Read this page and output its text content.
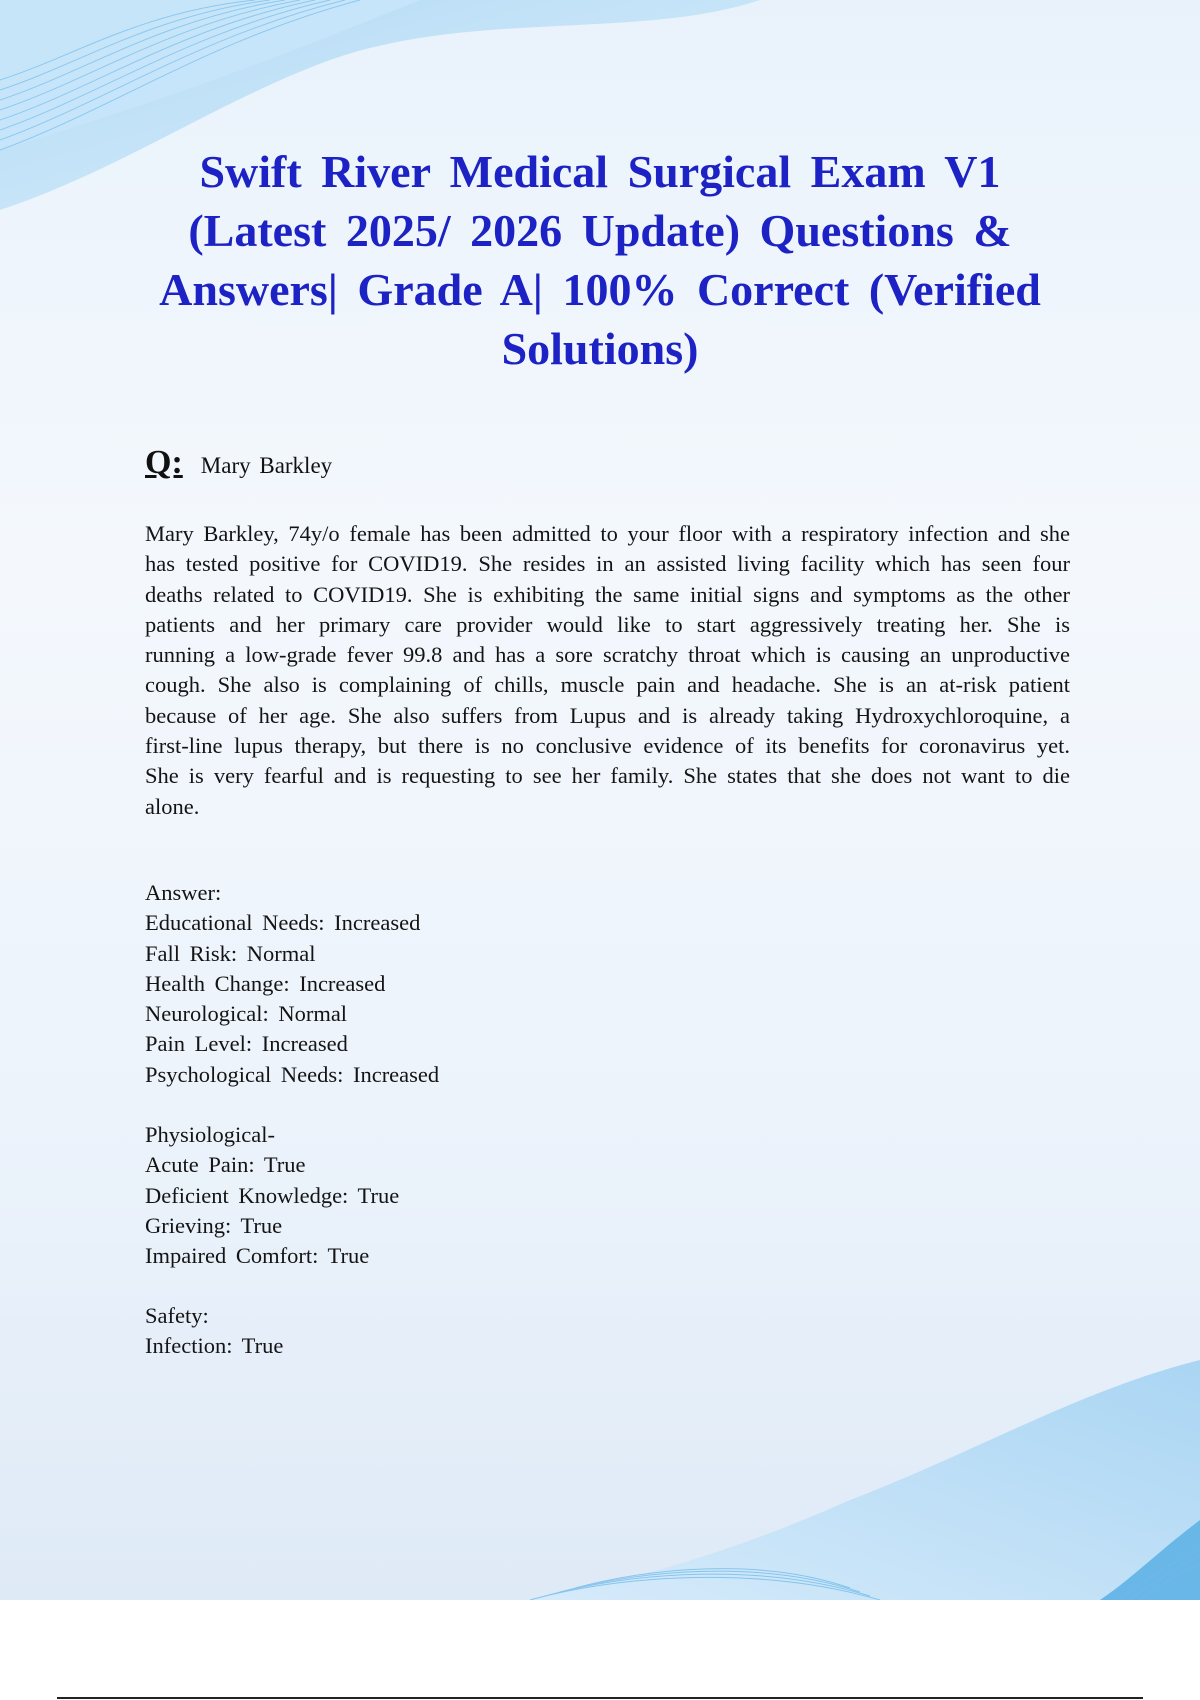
Swift River Medical Surgical Exam V1 (Latest 2025/ 2026 Update) Questions & Answers| Grade A| 100% Correct (Verified Solutions)
Q: Mary Barkley

Mary Barkley, 74y/o female has been admitted to your floor with a respiratory infection and she has tested positive for COVID19. She resides in an assisted living facility which has seen four deaths related to COVID19. She is exhibiting the same initial signs and symptoms as the other patients and her primary care provider would like to start aggressively treating her. She is running a low-grade fever 99.8 and has a sore scratchy throat which is causing an unproductive cough. She also is complaining of chills, muscle pain and headache. She is an at-risk patient because of her age. She also suffers from Lupus and is already taking Hydroxychloroquine, a first-line lupus therapy, but there is no conclusive evidence of its benefits for coronavirus yet. She is very fearful and is requesting to see her family. She states that she does not want to die alone.

Answer:
Educational Needs: Increased
Fall Risk: Normal
Health Change: Increased
Neurological: Normal
Pain Level: Increased
Psychological Needs: Increased
Physiological-
Acute Pain: True
Deficient Knowledge: True
Grieving: True
Impaired Comfort: True
Safety:
Infection: True
